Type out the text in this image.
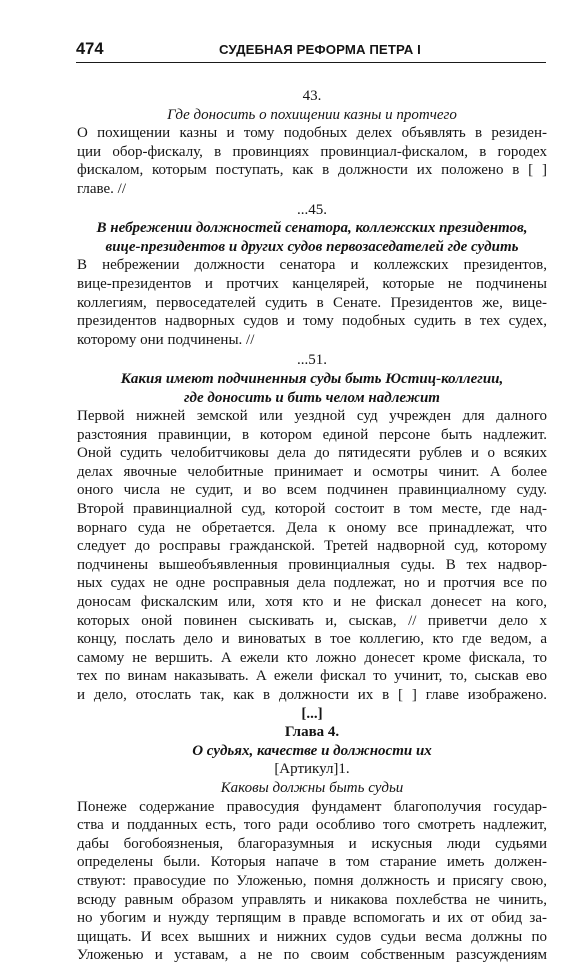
474	СУДЕБНАЯ РЕФОРМА ПЕТРА I
43.
Где доносить о похищении казны и протчего
О похищении казны и тому подобных делех объявлять в резиден-
ции обор-фискалу, в провинциях провинциал-фискалом, в городех
фискалом, которым поступать, как в должности их положено в [ ]
главе. //
...45.
В небрежении должностей сенатора, коллежских президентов,
вице-президентов и других судов первозаседателей где судить
В небрежении должности сенатора и коллежских президентов,
вице-президентов и протчих канцелярей, которые не подчинены
коллегиям, первоседателей судить в Сенате. Президентов же, вице-
президентов надворных судов и тому подобных судить в тех судех,
которому они подчинены. //
...51.
Какия имеют подчиненныя суды быть Юстиц-коллегии,
где доносить и бить челом надлежит
Первой нижней земской или уездной суд учрежден для далного
разстояния правинции, в котором единой персоне быть надлежит.
Оной судить челобитчиковы дела до пятидесяти рублев и о всяких
делах явочные челобитные принимает и осмотры чинит. А более
оного числа не судит, и во всем подчинен правинциалному суду.
Второй правинциалной суд, которой состоит в том месте, где над-
ворнаго суда не обретается. Дела к оному все принадлежат, что
следует до росправы гражданской. Третей надворной суд, которому
подчинены вышеобъявленныя провинциалныя суды. В тех надвор-
ных судах не одне росправныя дела подлежат, но и протчия все по
доносам фискалским или, хотя кто и не фискал донесет на кого,
которых оной повинен сыскивать и, сыскав, // приветчи дело х
концу, послать дело и виноватых в тое коллегию, кто где ведом, а
самому не вершить. А ежели кто ложно донесет кроме фискала, то
тех по винам наказывать. А ежели фискал то учинит, то, сыскав ево
и дело, отослать так, как в должности их в [ ] главе изображено.
[...]
Глава 4.
О судьях, качестве и должности их
[Артикул]1.
Каковы должны быть судьи
Понеже содержание правосудия фундамент благополучия государ-
ства и подданных есть, того ради особливо того смотреть надлежит,
дабы богобоязненыя, благоразумныя и искусныя люди судьями
определены были. Которыя напаче в том старание иметь должен-
ствуют: правосудие по Уложенью, помня должность и присягу свою,
всюду равным образом управлять и никакова похлебства не чинить,
но убогим и нужду терпящим в правде вспомогать и их от обид за-
щищать. И всех вышних и нижних судов судьи весма должны по
Уложенью и уставам, а не по своим собственным разсуждениям
